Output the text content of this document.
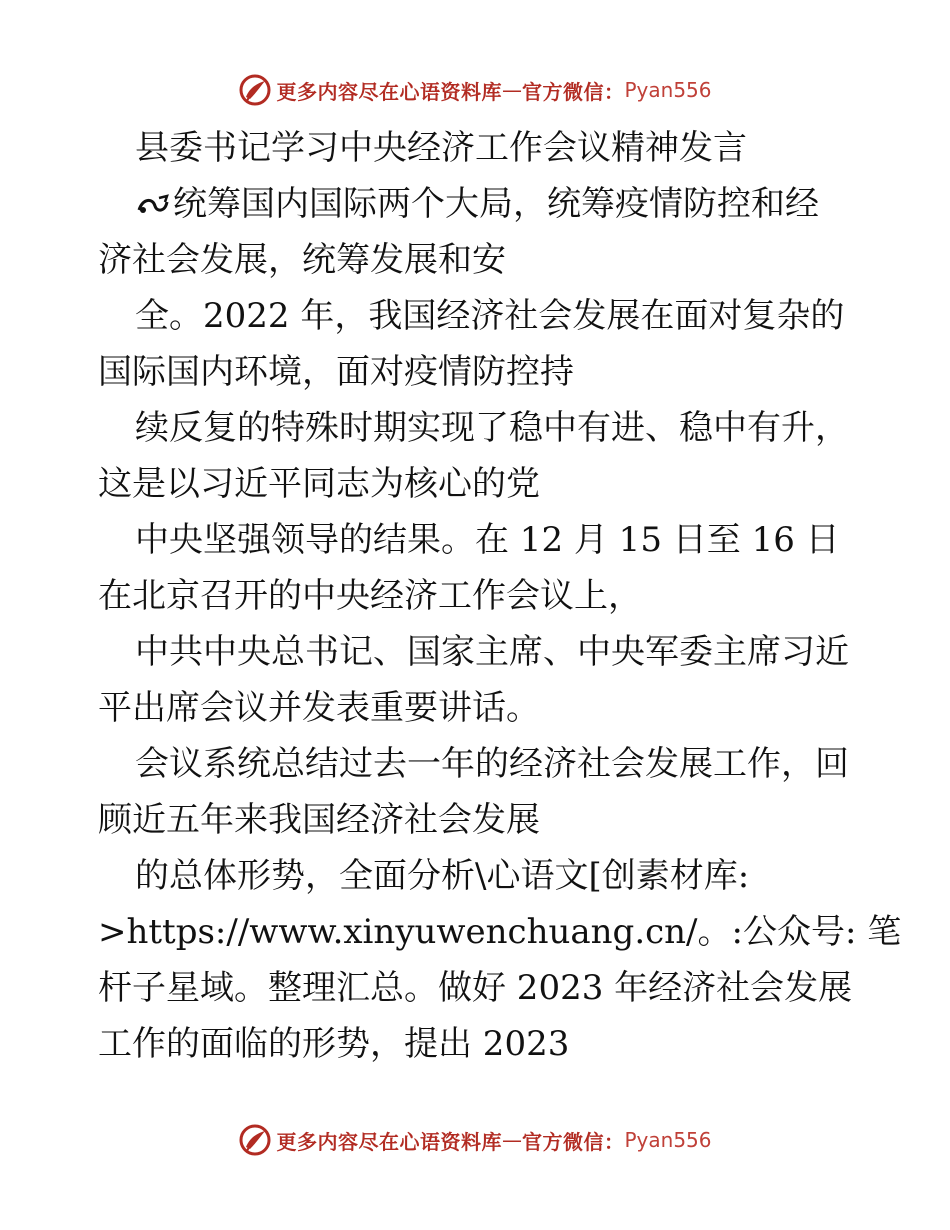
更多内容尽在心语资料库 — 官方微信： Pyan556
县委书记学习中央经济工作会议精神发言
统筹国内国际两个大局，统筹疫情防控和经
济社会发展，统筹发展和安
全。2022 年，我国经济社会发展在面对复杂的
国际国内环境，面对疫情防控持
续反复的特殊时期实现了稳中有进、稳中有升，
这是以习近平同志为核心的党
中央坚强领导的结果。在 12 月 15 日至 16 日
在北京召开的中央经济工作会议上，
中共中央总书记、国家主席、中央军委主席习近
平出席会议并发表重要讲话。
会议系统总结过去一年的经济社会发展工作，回
顾近五年来我国经济社会发展
的总体形势，全面分析\心语文[创素材库:
>https://www.xinyuwenchuang.cn/。:公众号: 笔
杆子星域。整理汇总。做好 2023 年经济社会发展
工作的面临的形势，提出 2023
更多内容尽在心语资料库 — 官方微信： Pyan556
